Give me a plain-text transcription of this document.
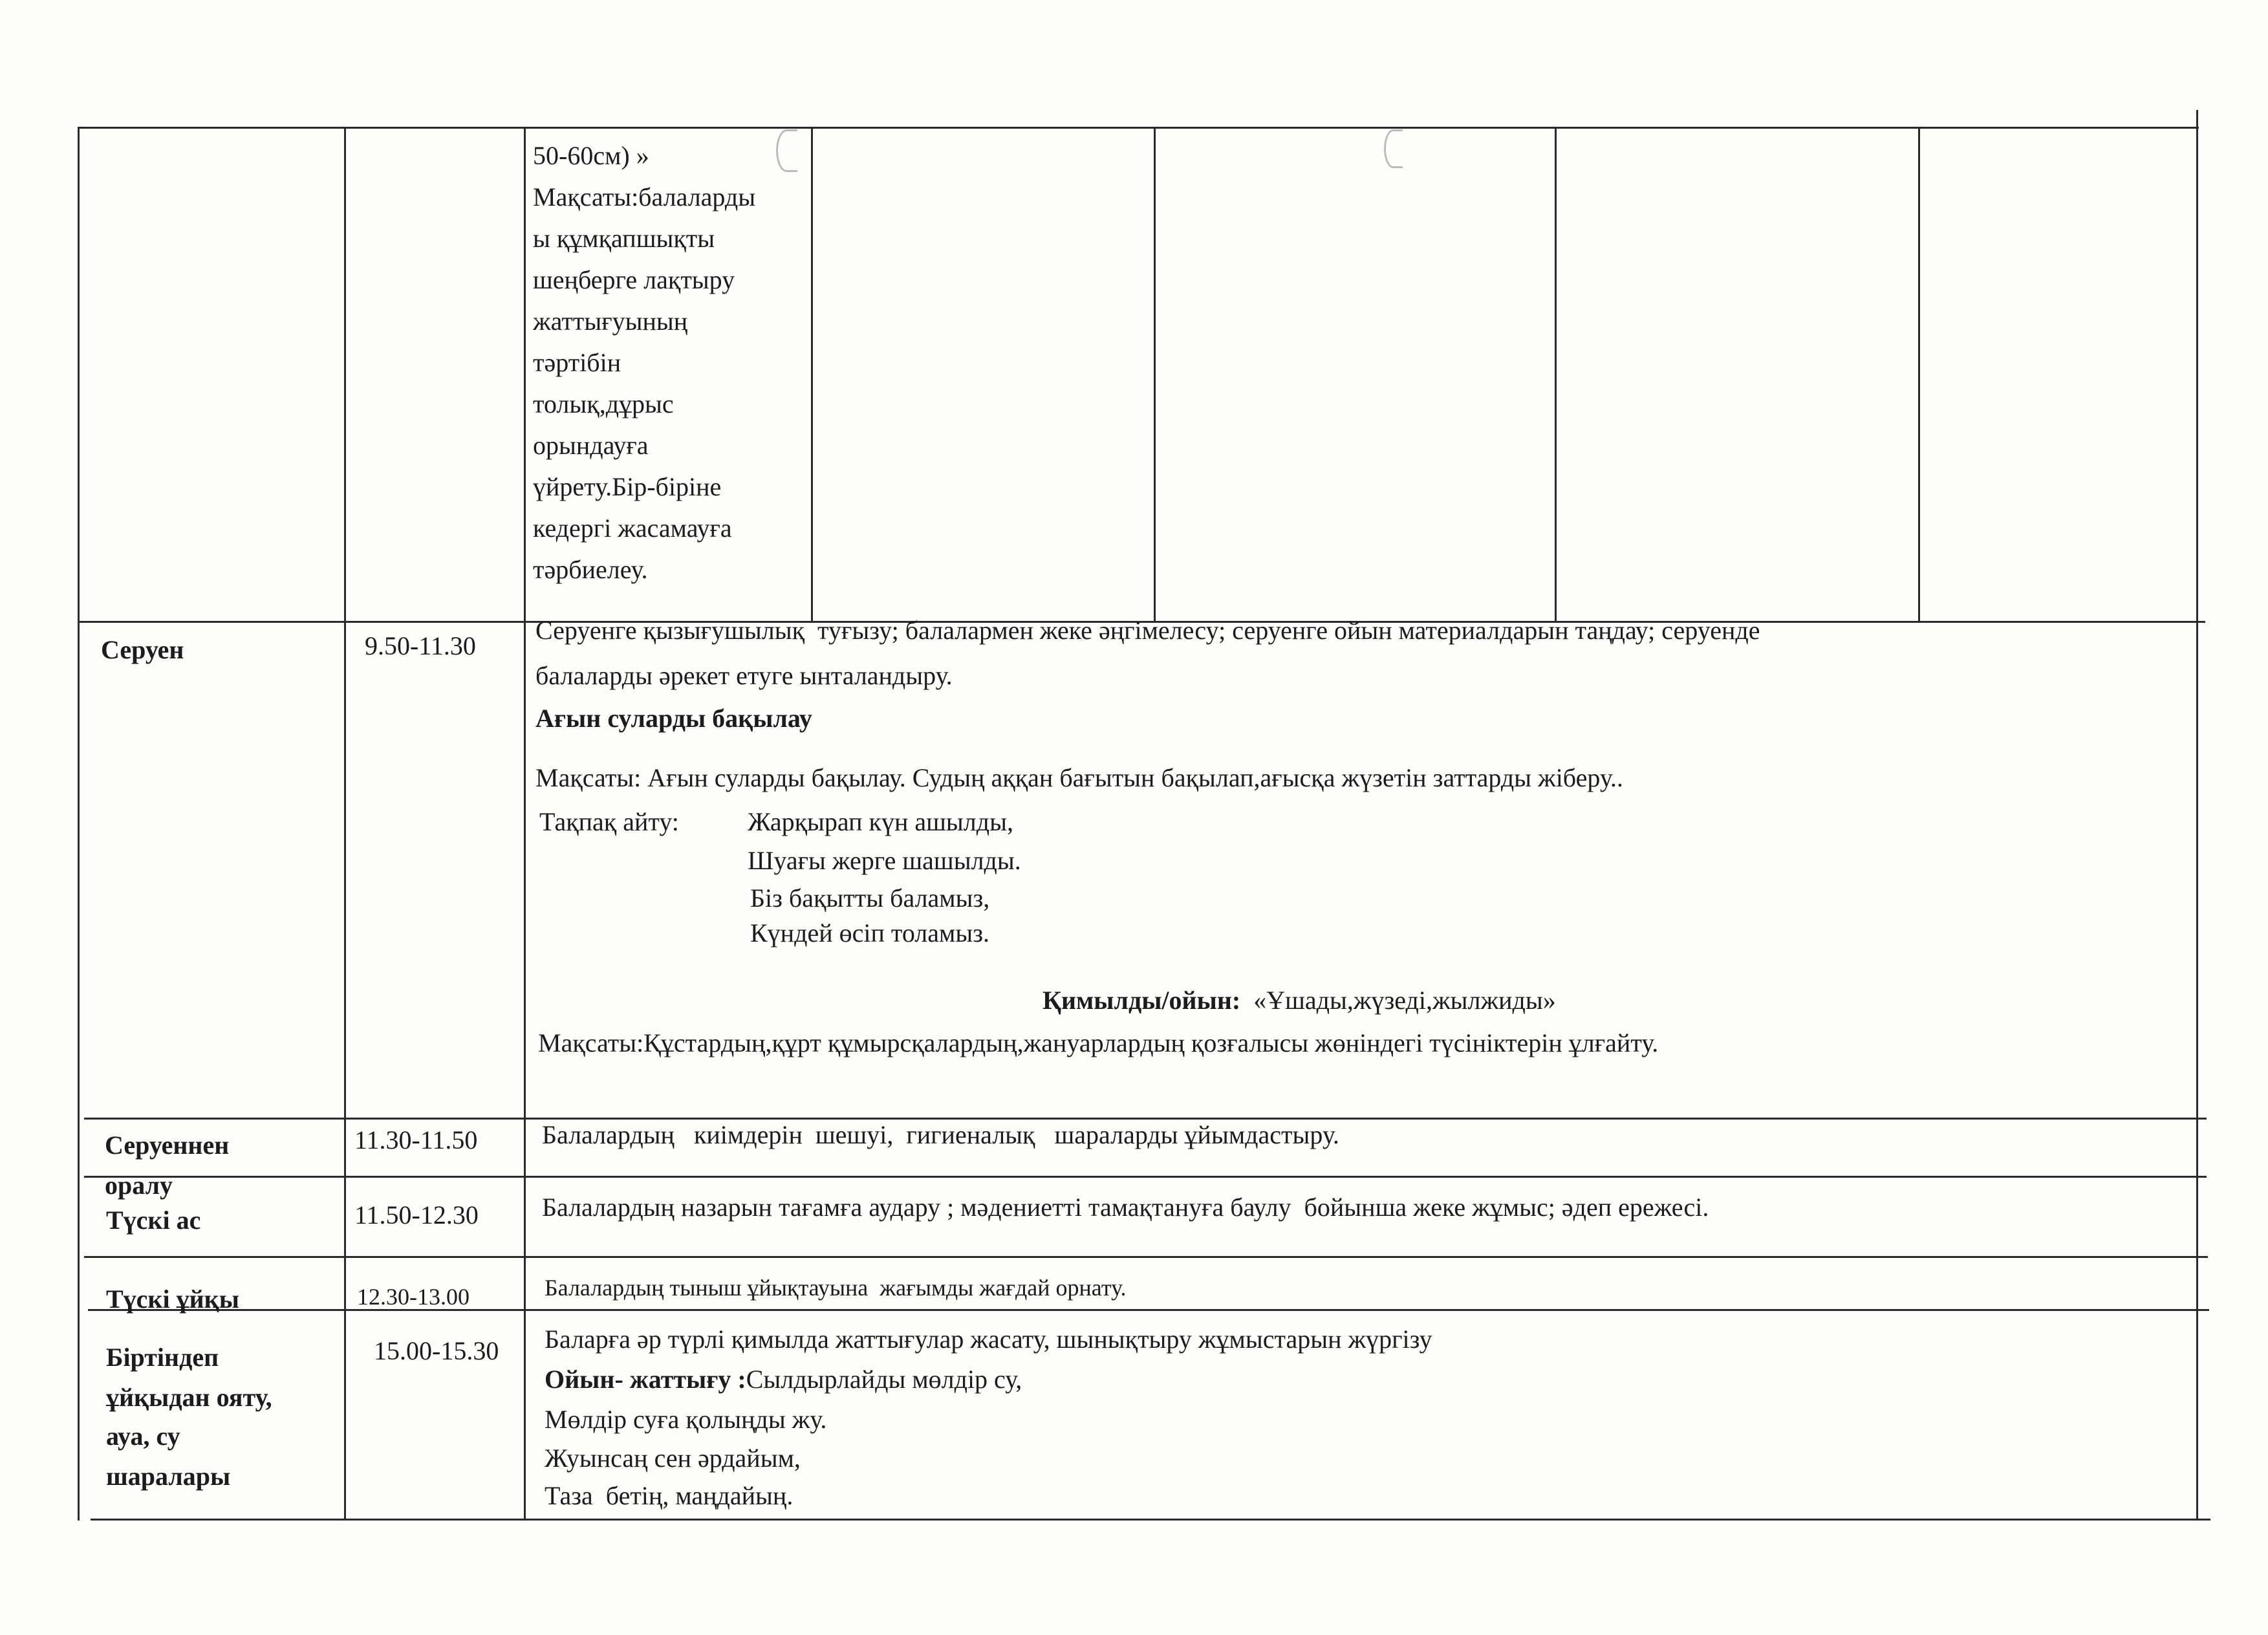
50-60см) »
Мақсаты:балаларды
ы құмқапшықты
шеңберге лақтыру
жаттығуының
тәртібін
толық,дұрыс
орындауға
үйрету.Бір-біріне
кедергі жасамауға
тәрбиелеу.
Серуен	9.50-11.30
Серуенге қызығушылық  туғызу; балалармен жеке әңгімелесу; серуенге ойын материалдарын таңдау; серуенде
балаларды әрекет етуге ынталандыру.
Ағын суларды бақылау
Мақсаты: Ағын суларды бақылау. Судың аққан бағытын бақылап,ағысқа жүзетін заттарды жіберу..
Тақпақ айту:	Жарқырап күн ашылды,
Шуағы жерге шашылды.
Біз бақытты баламыз,
Күндей өсіп толамыз.
Қимылды/ойын: «Ұшады,жүзеді,жылжиды»
Мақсаты:Құстардың,құрт құмырсқалардың,жануарлардың қозғалысы жөніндегі түсініктерін ұлғайту.
Серуеннен
оралу
11.30-11.50 Балалардың   киімдерін  шешуі,  гигиеналық   шараларды ұйымдастыру.
Түскі ас	11.50-12.30 Балалардың назарын тағамға аудару ; мәдениетті тамақтануға баулу  бойынша жеке жұмыс; әдеп ережесі.
Түскі ұйқы	12.30-13.00	Балалардың тыныш ұйықтауына  жағымды жағдай орнату.
Біртіндеп
ұйқыдан ояту,
ауа, су
шаралары
15.00-15.30 Баларға әр түрлі қимылда жаттығулар жасату, шынықтыру жұмыстарын жүргізу
Ойын- жаттығу :Сылдырлайды мөлдір су,
Мөлдір суға қолыңды жу.
Жуынсаң сен әрдайым,
Таза  бетің, маңдайың.
